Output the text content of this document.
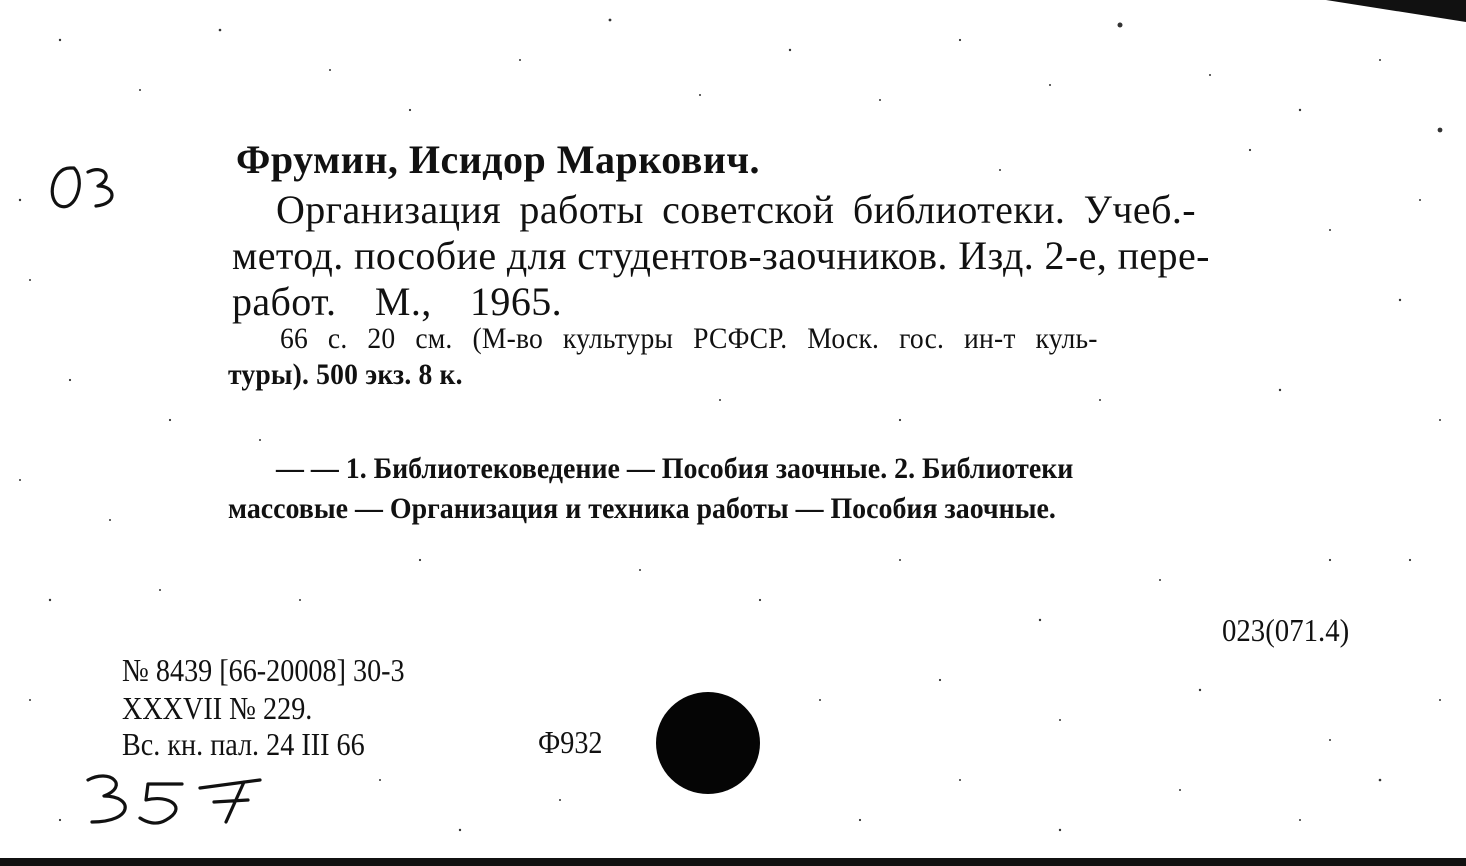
Фрумин, Исидор Маркович.
Организация работы советской библиотеки. Учеб.-
метод. пособие для студентов-заочников. Изд. 2-е, пере-
работ. М., 1965.
66 с. 20 см. (М-во культуры РСФСР. Моск. гос. ин-т куль-
туры). 500 экз. 8 к.
— — 1. Библиотековедение — Пособия заочные. 2. Библиотеки
массовые — Организация и техника работы — Пособия заочные.
023(071.4)
№ 8439 [66-20008] 30-3
XXXVII № 229.
Вс. кн. пал. 24 III 66	Ф932
